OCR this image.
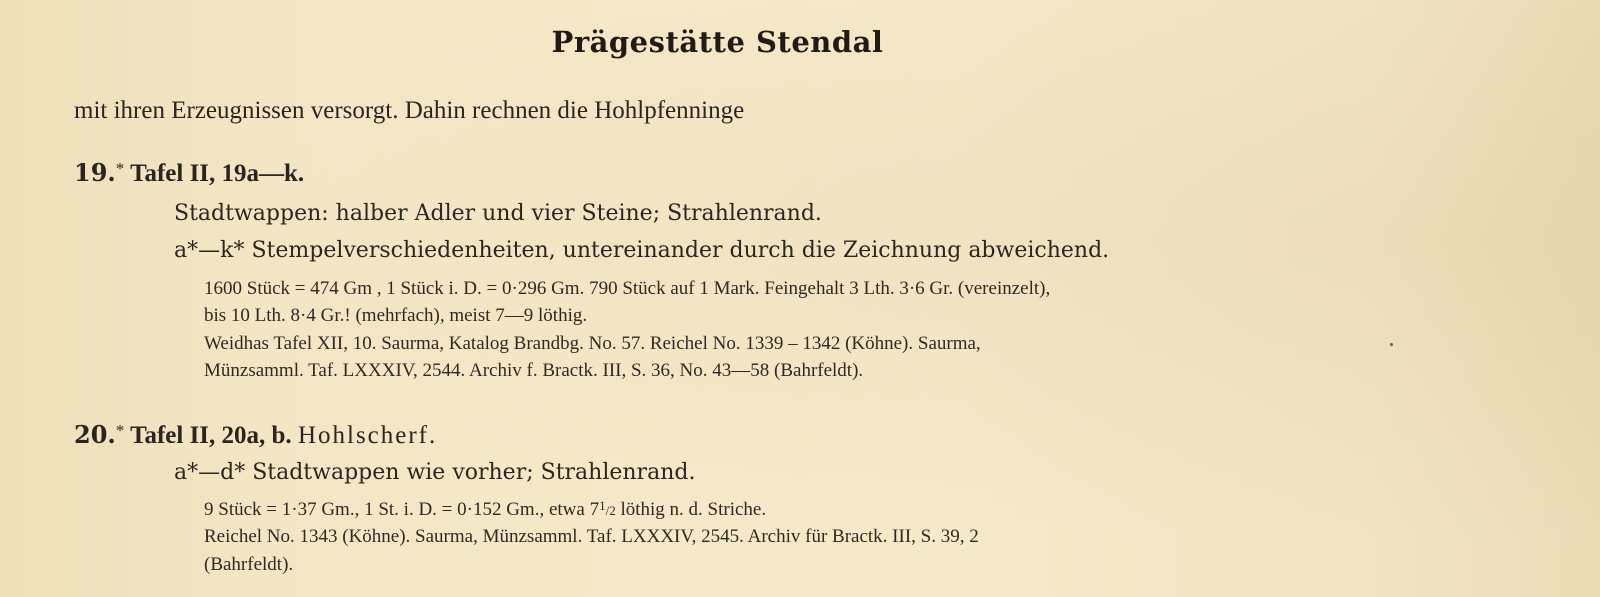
Prägestätte Stendal
mit ihren Erzeugnissen versorgt. Dahin rechnen die Hohlpfenninge
19.* Tafel II, 19a—k.
Stadtwappen: halber Adler und vier Steine; Strahlenrand.
a*—k* Stempelverschiedenheiten, untereinander durch die Zeichnung abweichend.
1600 Stück = 474 Gm , 1 Stück i. D. = 0·296 Gm. 790 Stück auf 1 Mark. Feingehalt 3 Lth. 3·6 Gr. (vereinzelt),
bis 10 Lth. 8·4 Gr.! (mehrfach), meist 7—9 löthig.
Weidhas Tafel XII, 10. Saurma, Katalog Brandbg. No. 57. Reichel No. 1339 – 1342 (Köhne). Saurma,
Münzsamml. Taf. LXXXIV, 2544. Archiv f. Bractk. III, S. 36, No. 43—58 (Bahrfeldt).
20.* Tafel II, 20a, b. Hohlscherf.
a*—d* Stadtwappen wie vorher; Strahlenrand.
9 Stück = 1·37 Gm., 1 St. i. D. = 0·152 Gm., etwa $7^1/2$ löthig n. d. Striche.
Reichel No. 1343 (Köhne). Saurma, Münzsamml. Taf. LXXXIV, 2545. Archiv für Bractk. III, S. 39, 2
(Bahrfeldt).
